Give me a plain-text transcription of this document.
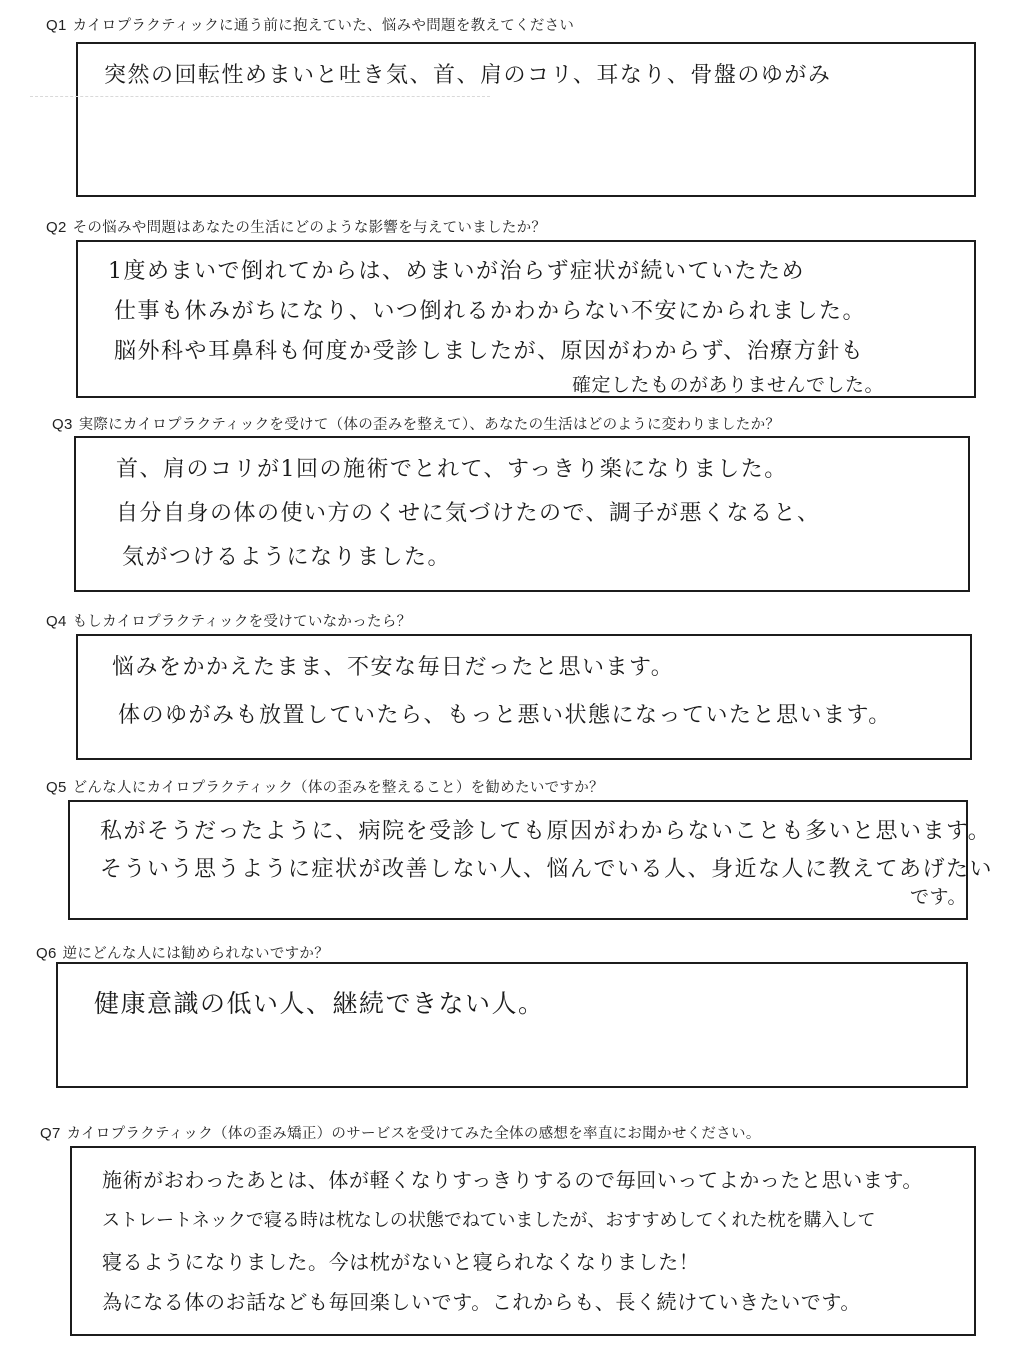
Q1 カイロプラクティックに通う前に抱えていた、悩みや問題を教えてください
突然の回転性めまいと吐き気、首、肩のコリ、耳なり、骨盤のゆがみ
Q2 その悩みや問題はあなたの生活にどのような影響を与えていましたか？
1度めまいで倒れてからは、めまいが治らず症状が続いていたため
仕事も休みがちになり、いつ倒れるかわからない不安にかられました。
脳外科や耳鼻科も何度か受診しましたが、原因がわからず、治療方針も
確定したものがありませんでした。
Q3 実際にカイロプラクティックを受けて（体の歪みを整えて）、あなたの生活はどのように変わりましたか？
首、肩のコリが1回の施術でとれて、すっきり楽になりました。
自分自身の体の使い方のくせに気づけたので、調子が悪くなると、
気がつけるようになりました。
Q4 もしカイロプラクティックを受けていなかったら？
悩みをかかえたまま、不安な毎日だったと思います。
体のゆがみも放置していたら、もっと悪い状態になっていたと思います。
Q5 どんな人にカイロプラクティック（体の歪みを整えること）を勧めたいですか？
私がそうだったように、病院を受診しても原因がわからないことも多いと思います。
そういう思うように症状が改善しない人、悩んでいる人、身近な人に教えてあげたい
です。
Q6 逆にどんな人には勧められないですか？
健康意識の低い人、継続できない人。
Q7 カイロプラクティック（体の歪み矯正）のサービスを受けてみた全体の感想を率直にお聞かせください。
施術がおわったあとは、体が軽くなりすっきりするので毎回いってよかったと思います。
ストレートネックで寝る時は枕なしの状態でねていましたが、おすすめしてくれた枕を購入して
寝るようになりました。今は枕がないと寝られなくなりました！
為になる体のお話なども毎回楽しいです。これからも、長く続けていきたいです。
